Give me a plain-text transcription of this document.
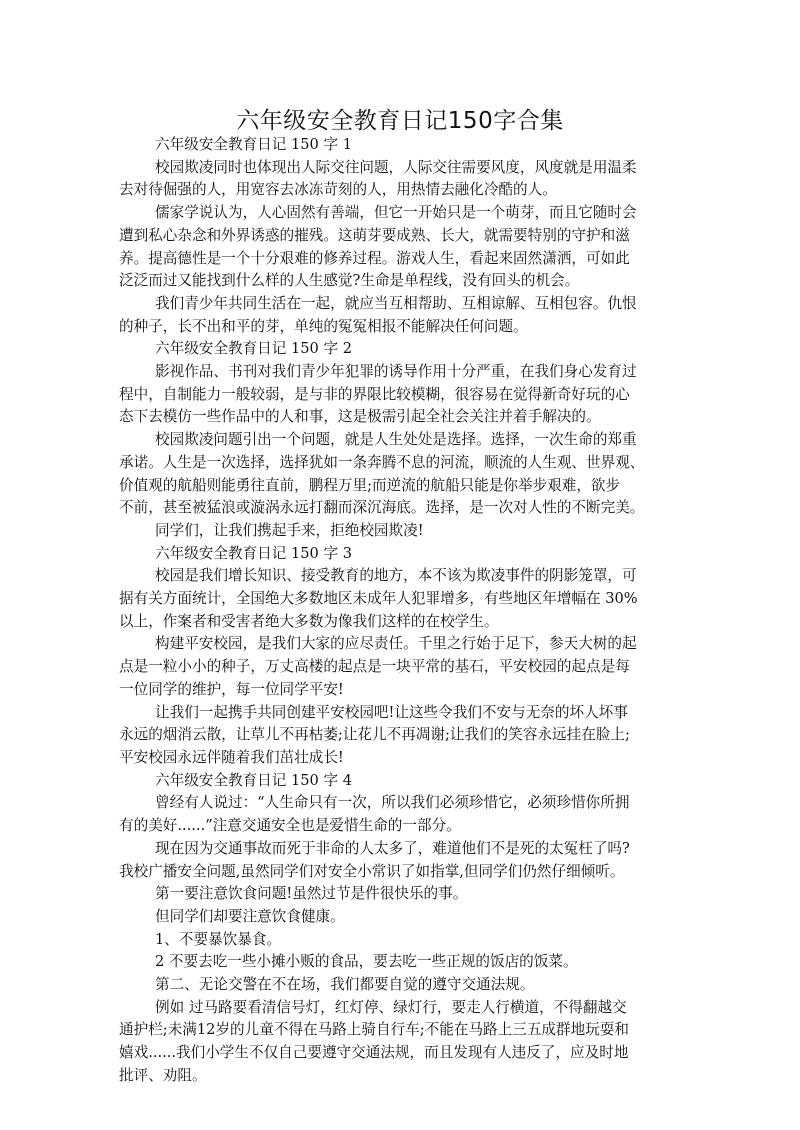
六年级安全教育日记150字合集
六年级安全教育日记 150 字 1
校园欺凌同时也体现出人际交往问题，人际交往需要风度，风度就是用温柔
去对待倔强的人，用宽容去冰冻苛刻的人，用热情去融化冷酷的人。
儒家学说认为，人心固然有善端，但它一开始只是一个萌芽，而且它随时会
遭到私心杂念和外界诱惑的摧残。这萌芽要成熟、长大，就需要特别的守护和滋
养。提高德性是一个十分艰难的修养过程。游戏人生，看起来固然潇洒，可如此
泛泛而过又能找到什么样的人生感觉?生命是单程线，没有回头的机会。
我们青少年共同生活在一起，就应当互相帮助、互相谅解、互相包容。仇恨
的种子，长不出和平的芽，单纯的冤冤相报不能解决任何问题。
六年级安全教育日记 150 字 2
影视作品、书刊对我们青少年犯罪的诱导作用十分严重，在我们身心发育过
程中，自制能力一般较弱，是与非的界限比较模糊，很容易在觉得新奇好玩的心
态下去模仿一些作品中的人和事，这是极需引起全社会关注并着手解决的。
校园欺凌问题引出一个问题，就是人生处处是选择。选择，一次生命的郑重
承诺。人生是一次选择，选择犹如一条奔腾不息的河流，顺流的人生观、世界观、
价值观的航船则能勇往直前，鹏程万里;而逆流的航船只能是你举步艰难，欲步
不前，甚至被猛浪或漩涡永远打翻而深沉海底。选择，是一次对人性的不断完美。
同学们，让我们携起手来，拒绝校园欺凌!
六年级安全教育日记 150 字 3
校园是我们增长知识、接受教育的地方，本不该为欺凌事件的阴影笼罩，可
据有关方面统计，全国绝大多数地区未成年人犯罪增多，有些地区年增幅在 30%
以上，作案者和受害者绝大多数为像我们这样的在校学生。
构建平安校园，是我们大家的应尽责任。千里之行始于足下，参天大树的起
点是一粒小小的种子，万丈高楼的起点是一块平常的基石，平安校园的起点是每
一位同学的维护，每一位同学平安!
让我们一起携手共同创建平安校园吧!让这些令我们不安与无奈的坏人坏事
永远的烟消云散，让草儿不再枯萎;让花儿不再凋谢;让我们的笑容永远挂在脸上;
平安校园永远伴随着我们茁壮成长!
六年级安全教育日记 150 字 4
曾经有人说过：“人生命只有一次，所以我们必须珍惜它，必须珍惜你所拥
有的美好......”注意交通安全也是爱惜生命的一部分。
现在因为交通事故而死于非命的人太多了，难道他们不是死的太冤枉了吗?
我校广播安全问题,虽然同学们对安全小常识了如指掌,但同学们仍然仔细倾听。
第一要注意饮食问题!虽然过节是件很快乐的事。
但同学们却要注意饮食健康。
1、不要暴饮暴食。
2 不要去吃一些小摊小贩的食品，要去吃一些正规的饭店的饭菜。
第二、无论交警在不在场，我们都要自觉的遵守交通法规。
例如 过马路要看清信号灯，红灯停、绿灯行，要走人行横道，不得翻越交
通护栏;未满12岁的儿童不得在马路上骑自行车;不能在马路上三五成群地玩耍和
嬉戏......我们小学生不仅自己要遵守交通法规，而且发现有人违反了，应及时地
批评、劝阻。
